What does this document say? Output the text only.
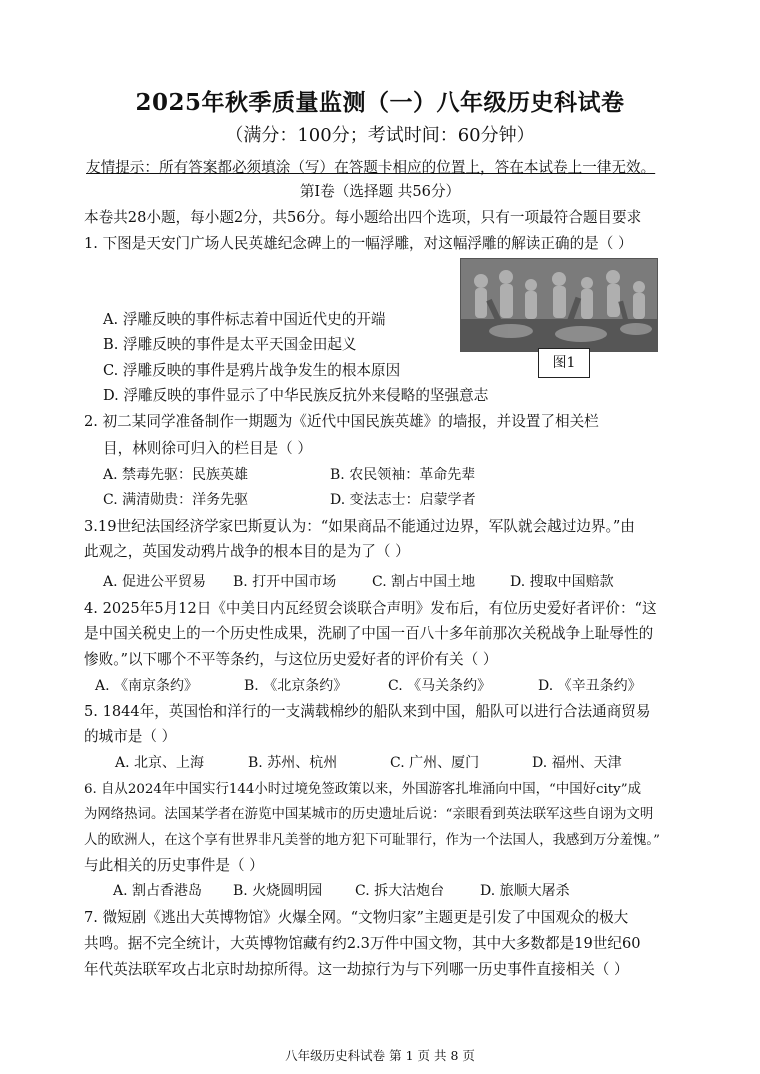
2025年秋季质量监测（一）八年级历史科试卷
（满分：100分；考试时间：60分钟）
友情提示：所有答案都必须填涂（写）在答题卡相应的位置上，答在本试卷上一律无效。
第Ⅰ卷（选择题 共56分）
本卷共28小题，每小题2分，共56分。每小题给出四个选项，只有一项最符合题目要求
1. 下图是天安门广场人民英雄纪念碑上的一幅浮雕，对这幅浮雕的解读正确的是（ ）
A. 浮雕反映的事件标志着中国近代史的开端
B. 浮雕反映的事件是太平天国金田起义
C. 浮雕反映的事件是鸦片战争发生的根本原因	图1
D. 浮雕反映的事件显示了中华民族反抗外来侵略的坚强意志
2. 初二某同学准备制作一期题为《近代中国民族英雄》的墙报，并设置了相关栏
目，林则徐可归入的栏目是（ ）
A. 禁毒先驱：民族英雄	B. 农民领袖：革命先辈
C. 满清勋贵：洋务先驱	D. 变法志士：启蒙学者
3.19世纪法国经济学家巴斯夏认为：“如果商品不能通过边界，军队就会越过边界。”由
此观之，英国发动鸦片战争的根本目的是为了（ ）
A. 促进公平贸易 B. 打开中国市场	C. 割占中国土地 D. 搜取中国赔款
4. 2025年5月12日《中美日内瓦经贸会谈联合声明》发布后，有位历史爱好者评价：“这
是中国关税史上的一个历史性成果，洗刷了中国一百八十多年前那次关税战争上耻辱性的
惨败。”以下哪个不平等条约，与这位历史爱好者的评价有关（ ）
A. 《南京条约》	B. 《北京条约》	C. 《马关条约》	D. 《辛丑条约》
5. 1844年，英国怡和洋行的一支满载棉纱的船队来到中国，船队可以进行合法通商贸易
的城市是（ ）
A. 北京、上海	B. 苏州、杭州	C. 广州、厦门	D. 福州、天津
6. 自从2024年中国实行144小时过境免签政策以来，外国游客扎堆涌向中国，“中国好city”成
为网络热词。法国某学者在游览中国某城市的历史遗址后说：“亲眼看到英法联军这些自诩为文明
人的欧洲人，在这个享有世界非凡美誉的地方犯下可耻罪行，作为一个法国人，我感到万分羞愧。”
与此相关的历史事件是（ ）
A. 割占香港岛 B. 火烧圆明园 C. 拆大沽炮台	D. 旅顺大屠杀
7. 微短剧《逃出大英博物馆》火爆全网。“文物归家”主题更是引发了中国观众的极大
共鸣。据不完全统计，大英博物馆藏有约2.3万件中国文物，其中大多数都是19世纪60
年代英法联军攻占北京时劫掠所得。这一劫掠行为与下列哪一历史事件直接相关（ ）
八年级历史科试卷 第 1 页 共 8 页
